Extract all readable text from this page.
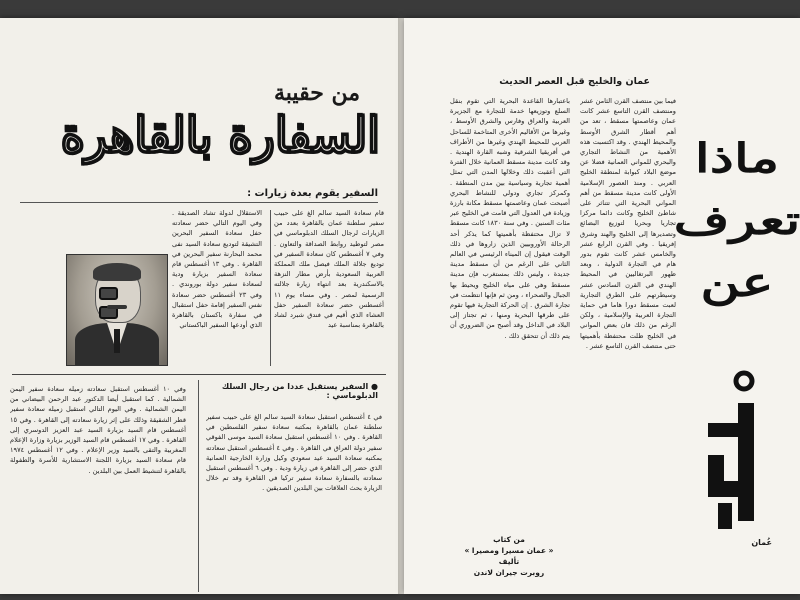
من حقيبة
السفارة بالقاهرة
السفير يقوم بعدة زيارات :
قام سعادة السيد سالم الغ على حبيب سفير سلطنة عمان بالقاهرة بعدد من الزيارات لرجال السلك الدبلوماسي في مصر لتوطيد روابط الصداقة والتعاون . وفي ٧ أغسطس كان سعادة السفير في توديع جلالة الملك فيصل ملك المملكة العربية السعودية بأرض مطار النزهة بالاسكندرية بعد انتهاء زيارة جلالته الرسمية لمصر . وفي مساء يوم ١١ أغسطس حضر سعادة السفير حفل العشاء الذي أقيم في فندق شبرد لشاد بالقاهرة بمناسبة عيد
الاستقلال لدولة تشاد الصديقة . وفي اليوم التالي حضر سعادته حفل سعادة السفير البحرين التشيقة لتوديع سعادة السيد نفى محمد البحارنة سفير البحرين في القاهرة . وفي ١٣ أغسطس قام سعادة السفير بزيارة ودية لسعادة سفير دولة بوروندي . وفي ٢٣ أغسطس حضر سعادة نفس السفير إقامة حفل استقبال في سفارة باكستان بالقاهرة الذي أودعها السفير الباكستاني
● السفير يستقبل عددا من رجال السلك الدبلوماسي :
في ٤ أغسطس استقبل سعادة السيد سالم الغ على حبيب سفير سلطنة عمان بالقاهرة بمكتبه سعادة سفير الفلسطين في القاهرة . وفي ١٠ أغسطس استقبل سعادة السيد موسى الفوقي سفير دولة العراق في القاهرة . وفي ٤ أغسطس استقبل سعادته بمكتبه سعادة السيد عيد سعودي وكيل وزارة الخارجية العمانية الذي حضر إلى القاهرة في زيارة ودية . وفي ٦ أغسطس استقبل سعادته بالسفارة سعادة سفير تركيا في القاهرة وقد تم خلال الزيارة بحث العلاقات بين البلدين الصديقين .
وفي ١٠ أغسطس استقبل سعادته زميله سعادة سفير اليمن الشمالية . كما استقبل أيضا الدكتور عبد الرحمن البيضاني من اليمن الشمالية . وفي اليوم التالي استقبل زميله سعادة سفير قطر الشقيقة وذلك على إثر زيارة سعادته إلى القاهرة . وفي ١٥ أغسطس قام السيد بزيارة السيد عبد العزيز الدوسري إلى القاهرة . وفي ١٧ أغسطس قام السيد الوزير بزيارة وزارة الإعلام المغربية والتقى بالسيد وزير الإعلام . وفي ١٢ أغسطس ١٩٧٤ قام سعادة السيد بزيارة اللجنة الاستشارية للأسرة والطفولة بالقاهرة لتنشيط العمل بين البلدين .
عمان والخليج قبل العصر الحديث
فيما بين منتصف القرن الثامن عشر ومنتصف القرن التاسع عشر كانت عمان وعاصمتها مسقط ، تعد من أهم أقطار الشرق الأوسط والمحيط الهندي . وقد اكتسبت هذه الأهمية من النشاط التجاري والبحري للمواني العمانية فضلا عن موضع البلاد كبوابة لمنطقة الخليج العربي . ومنذ العصور الإسلامية الأولى كانت مدينة مسقط من أهم المواني البحرية التي تتناثر على شاطئ الخليج وكانت دائما مركزا تجاريا وبحريا لتوزيع البضائع وتصديرها إلى الخليج والهند وشرق إفريقيا . وفي القرن الرابع عشر والخامس عشر كانت تقوم بدور هام في التجارة الدولية ، وبعد ظهور البرتغاليين في المحيط الهندي في القرن السادس عشر وسيطرتهم على الطرق التجارية لعبت مسقط دورا هاما في حماية التجارة العربية والإسلامية ، ولكن الرغم من ذلك فان بعض المواني في الخليج ظلت محتفظة بأهميتها حتى منتصف القرن التاسع عشر .
باعتبارها القاعدة البحرية التي تقوم بنقل السلع وتوزيعها خدمة للتجارة مع الجزيرة العربية والعراق وفارس والشرق الأوسط ، وغيرها من الأقاليم الأخرى المتاخمة للساحل العربي للمحيط الهندي وغيرها من الأطراف في أفريقيا الشرقية وشبه القارة الهندية . وقد كانت مدينة مسقط العمانية خلال الفترة التي أعقبت ذلك وخلالها المدن التي تمثل أهمية تجارية وسياسية بين مدن المنطقة . وكمركز تجاري ودولي للنشاط البحري أصبحت عمان وعاصمتها مسقط مكانة بارزة وزيادة في العدول التي قامت في الخليج عبر مئات السنين . وفي سنة ١٨٣٠ كانت مسقط لا تزال محتفظة بأهميتها كما يذكر أحد الرحالة الأوروبيين الذين زاروها في ذلك الوقت فيقول إن الميناء الرئيسي في العالم الثاني على الرغم من أن مسقط مدينة جديدة ، وليس ذلك بمستغرب فإن مدينة مسقط وهي على مياه الخليج ويحيط بها الجبال والصحراء ، ومن ثم فإنها انتظمت في تجارة الشرق . إن الحركة التجارية فيها تقوم على طرقها البحرية ومنها ، ثم تجتاز إلى البلاد في الداخل وقد أصبح من الضروري أن يتم ذلك أن تتحقق ذلك .
ماذا
تعرف
عن
عُمان
من كتاب
« عمان مسيرا ومصيرا »
تأليف
روبرت جيران لاندن
